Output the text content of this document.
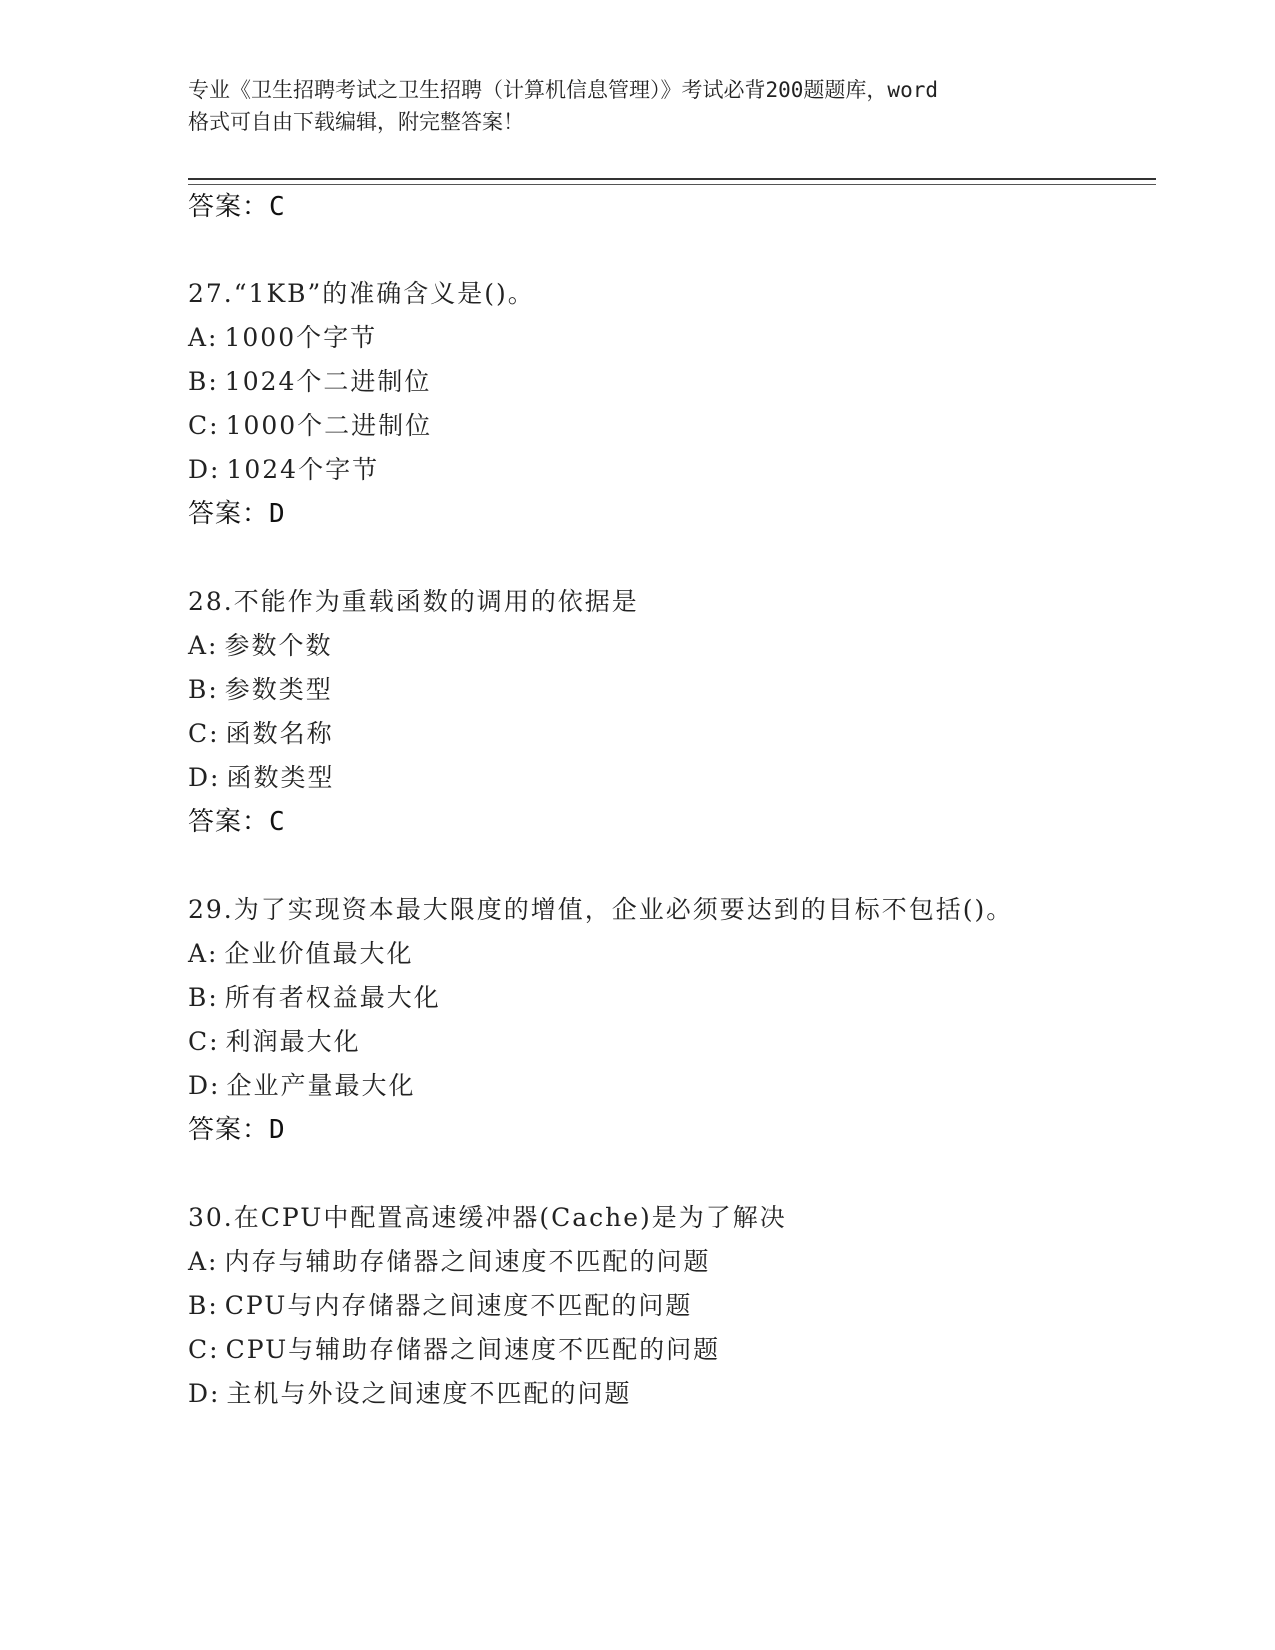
专业《卫生招聘考试之卫生招聘（计算机信息管理）》考试必背200题题库，word
格式可自由下载编辑，附完整答案！
答案：C
27.“1KB”的准确含义是()。
A: 1000个字节
B: 1024个二进制位
C: 1000个二进制位
D: 1024个字节
答案：D
28.不能作为重载函数的调用的依据是
A: 参数个数
B: 参数类型
C: 函数名称
D: 函数类型
答案：C
29.为了实现资本最大限度的增值，企业必须要达到的目标不包括()。
A: 企业价值最大化
B: 所有者权益最大化
C: 利润最大化
D: 企业产量最大化
答案：D
30.在CPU中配置高速缓冲器(Cache)是为了解决
A: 内存与辅助存储器之间速度不匹配的问题
B: CPU与内存储器之间速度不匹配的问题
C: CPU与辅助存储器之间速度不匹配的问题
D: 主机与外设之间速度不匹配的问题
